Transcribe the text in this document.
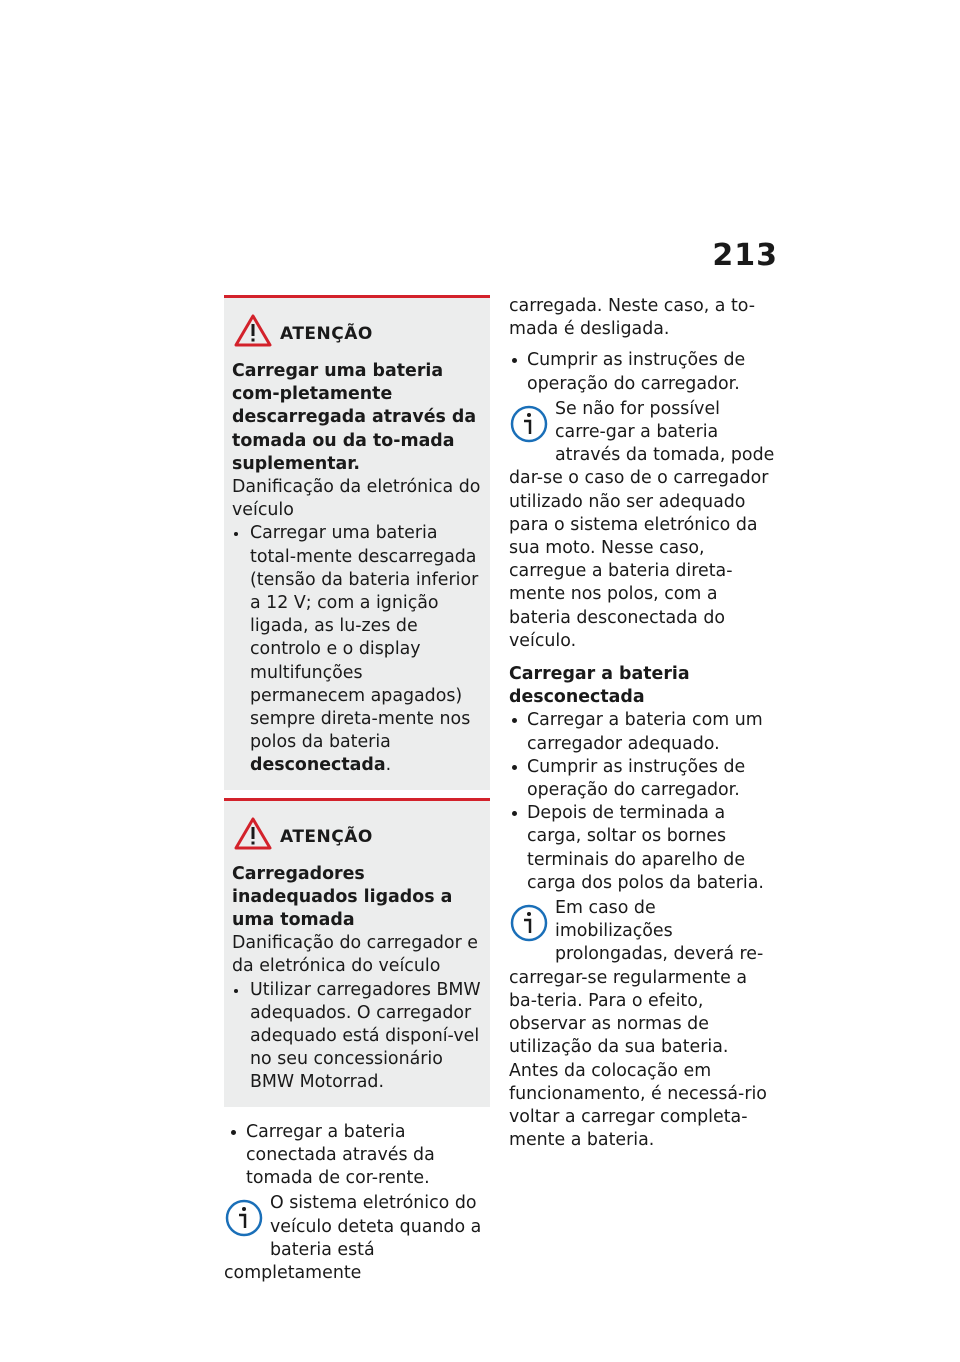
213
ATENÇÃO
Carregar uma bateria com-pletamente descarregada através da tomada ou da to-mada suplementar.
Danificação da eletrónica do veículo
Carregar uma bateria total-mente descarregada (tensão da bateria inferior a 12 V; com a ignição ligada, as lu-zes de controlo e o display multifunções permanecem apagados) sempre direta-mente nos polos da bateria desconectada.
ATENÇÃO
Carregadores inadequados ligados a uma tomada
Danificação do carregador e da eletrónica do veículo
Utilizar carregadores BMW adequados. O carregador adequado está disponí-vel no seu concessionário BMW Motorrad.
Carregar a bateria conectada através da tomada de cor-rente.
O sistema eletrónico do veículo deteta quando a bateria está completamente
carregada. Neste caso, a to-mada é desligada.
Cumprir as instruções de operação do carregador.
Se não for possível carre-gar a bateria através da tomada, pode dar-se o caso de o carregador utilizado não ser adequado para o sistema eletrónico da sua moto. Nesse caso, carregue a bateria direta-mente nos polos, com a bateria desconectada do veículo.
Carregar a bateria desconectada
Carregar a bateria com um carregador adequado.
Cumprir as instruções de operação do carregador.
Depois de terminada a carga, soltar os bornes terminais do aparelho de carga dos polos da bateria.
Em caso de imobilizações prolongadas, deverá re-carregar-se regularmente a ba-teria. Para o efeito, observar as normas de utilização da sua bateria. Antes da colocação em funcionamento, é necessá-rio voltar a carregar completa-mente a bateria.
